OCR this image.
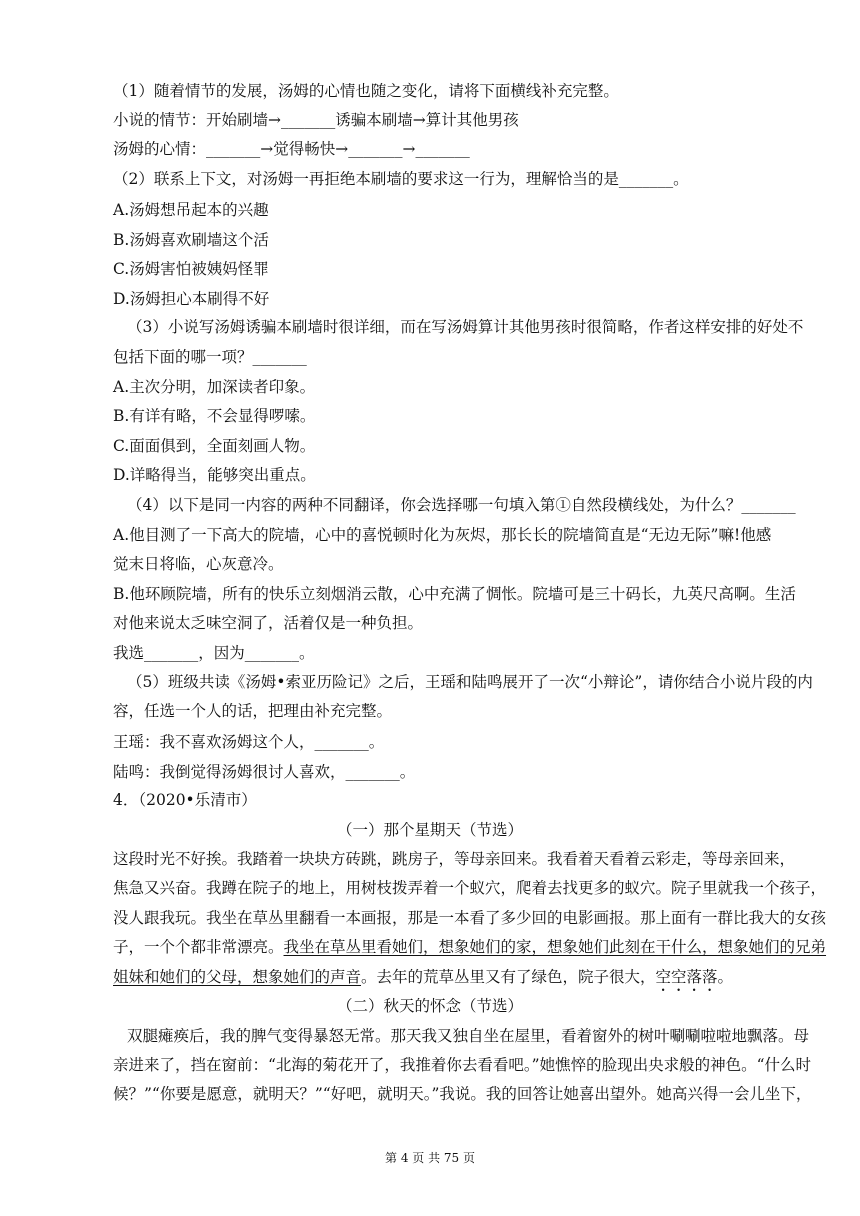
（1）随着情节的发展，汤姆的心情也随之变化，请将下面横线补充完整。
小说的情节：开始刷墙→_______诱骗本刷墙→算计其他男孩
汤姆的心情：_______→觉得畅快→_______→_______
（2）联系上下文，对汤姆一再拒绝本刷墙的要求这一行为，理解恰当的是_______。
A.汤姆想吊起本的兴趣
B.汤姆喜欢刷墙这个活
C.汤姆害怕被姨妈怪罪
D.汤姆担心本刷得不好
（3）小说写汤姆诱骗本刷墙时很详细，而在写汤姆算计其他男孩时很简略，作者这样安排的好处不
包括下面的哪一项？_______
A.主次分明，加深读者印象。
B.有详有略，不会显得啰嗦。
C.面面俱到，全面刻画人物。
D.详略得当，能够突出重点。
（4）以下是同一内容的两种不同翻译，你会选择哪一句填入第①自然段横线处，为什么？_______
A.他目测了一下高大的院墙，心中的喜悦顿时化为灰烬，那长长的院墙简直是“无边无际”嘛!他感
觉末日将临，心灰意冷。
B.他环顾院墙，所有的快乐立刻烟消云散，心中充满了惆怅。院墙可是三十码长，九英尺高啊。生活
对他来说太乏味空洞了，活着仅是一种负担。
我选_______，因为_______。
（5）班级共读《汤姆•索亚历险记》之后，王瑶和陆鸣展开了一次“小辩论”，请你结合小说片段的内
容，任选一个人的话，把理由补充完整。
王瑶：我不喜欢汤姆这个人，_______。
陆鸣：我倒觉得汤姆很讨人喜欢，_______。
4．（2020•乐清市）
（一）那个星期天（节选）
这段时光不好挨。我踏着一块块方砖跳，跳房子，等母亲回来。我看着天看着云彩走，等母亲回来，
焦急又兴奋。我蹲在院子的地上，用树枝拨弄着一个蚁穴，爬着去找更多的蚁穴。院子里就我一个孩子，
没人跟我玩。我坐在草丛里翻看一本画报，那是一本看了多少回的电影画报。那上面有一群比我大的女孩
子，一个个都非常漂亮。我坐在草丛里看她们，想象她们的家，想象她们此刻在干什么，想象她们的兄弟
姐妹和她们的父母，想象她们的声音。去年的荒草丛里又有了绿色，院子很大，空空落落。
（二）秋天的怀念（节选）
双腿瘫痪后，我的脾气变得暴怒无常。那天我又独自坐在屋里，看着窗外的树叶唰唰啦啦地飘落。母
亲进来了，挡在窗前：“北海的菊花开了，我推着你去看看吧。”她憔悴的脸现出央求般的神色。“什么时
候？”“你要是愿意，就明天？”“好吧，就明天。”我说。我的回答让她喜出望外。她高兴得一会儿坐下，
第 4 页 共 75 页
